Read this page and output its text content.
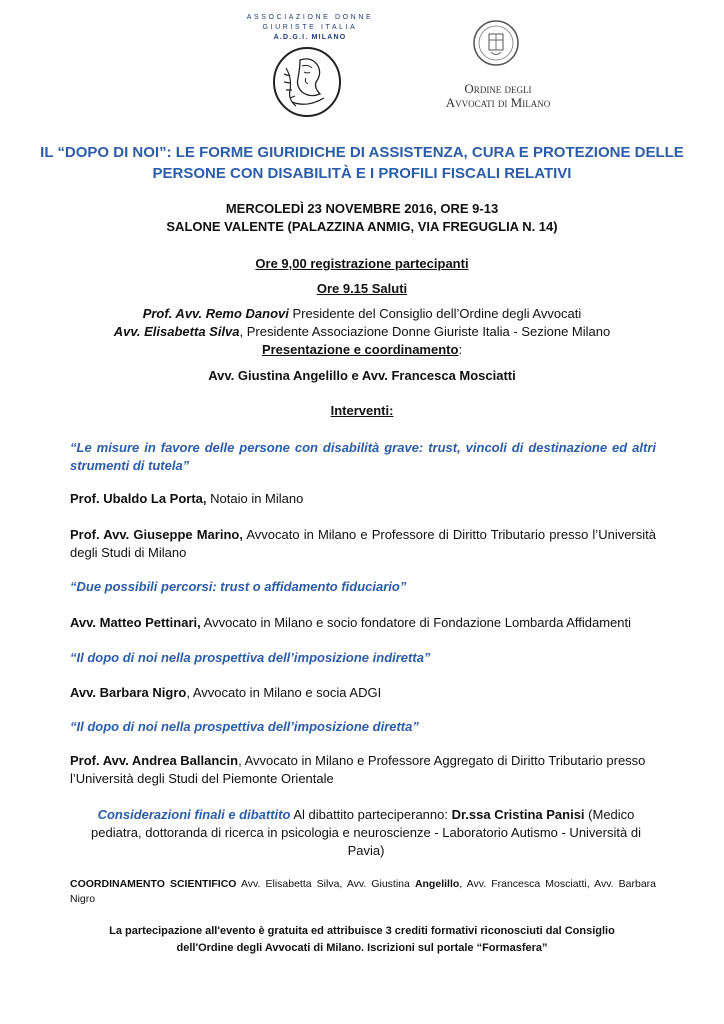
ASSOCIAZIONE DONNE
GIURISTE ITALIA
A.D.G.I. MILANO
Ordine degli
Avvocati di Milano
IL “DOPO DI NOI”: LE FORME GIURIDICHE DI ASSISTENZA, CURA E PROTEZIONE DELLE PERSONE CON DISABILITÀ E I PROFILI FISCALI RELATIVI
MERCOLEDÌ 23 NOVEMBRE 2016, ORE 9-13
SALONE VALENTE (PALAZZINA ANMIG, VIA FREGUGLIA N. 14)
Ore 9,00 registrazione partecipanti
Ore 9.15 Saluti
Prof. Avv. Remo Danovi Presidente del Consiglio dell’Ordine degli Avvocati
Avv. Elisabetta Silva, Presidente Associazione Donne Giuriste Italia - Sezione Milano
Presentazione e coordinamento:
Avv. Giustina Angelillo e Avv. Francesca Mosciatti
Interventi:
“Le misure in favore delle persone con disabilità grave: trust, vincoli di destinazione ed altri strumenti di tutela”
Prof. Ubaldo La Porta, Notaio in Milano
Prof. Avv. Giuseppe Marino, Avvocato in Milano e Professore di Diritto Tributario presso l’Università degli Studi di Milano
“Due possibili percorsi: trust o affidamento fiduciario”
Avv. Matteo Pettinari, Avvocato in Milano e socio fondatore di Fondazione Lombarda Affidamenti
“Il dopo di noi nella prospettiva dell’imposizione indiretta”
Avv. Barbara Nigro, Avvocato in Milano e socia ADGI
“Il dopo di noi nella prospettiva dell’imposizione diretta”
Prof. Avv. Andrea Ballancin, Avvocato in Milano e Professore Aggregato di Diritto Tributario presso l’Università degli Studi del Piemonte Orientale
Considerazioni finali e dibattito Al dibattito parteciperanno: Dr.ssa Cristina Panisi (Medico pediatra, dottoranda di ricerca in psicologia e neuroscienze - Laboratorio Autismo - Università di Pavia)
COORDINAMENTO SCIENTIFICO Avv. Elisabetta Silva, Avv. Giustina Angelillo, Avv. Francesca Mosciatti, Avv. Barbara Nigro
La partecipazione all'evento è gratuita ed attribuisce 3 crediti formativi riconosciuti dal Consiglio dell'Ordine degli Avvocati di Milano. Iscrizioni sul portale “Formasfera”
